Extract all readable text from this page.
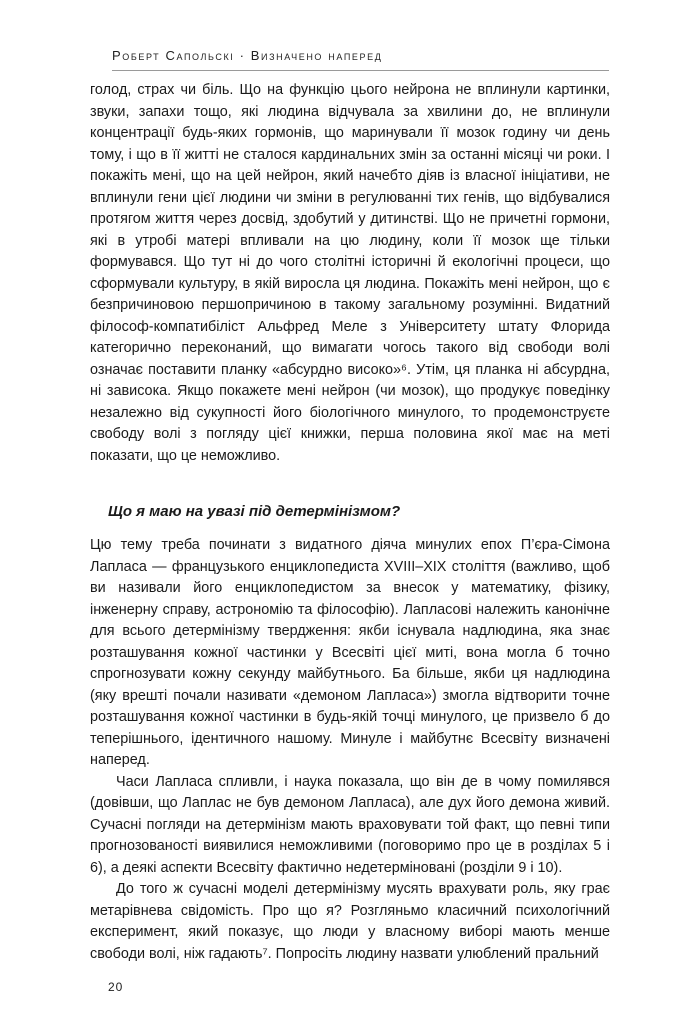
Роберт Сапольскі · Визначено наперед

голод, страх чи біль. Що на функцію цього нейрона не вплинули картинки, звуки, запахи тощо, які людина відчувала за хвилини до, не вплинули концентрації будь-яких гормонів, що маринували її мозок годину чи день тому, і що в її житті не сталося кардинальних змін за останні місяці чи роки. І покажіть мені, що на цей нейрон, який начебто діяв із власної ініціативи, не вплинули гени цієї людини чи зміни в регулюванні тих генів, що відбувалися протягом життя через досвід, здобутий у дитинстві. Що не причетні гормони, які в утробі матері впливали на цю людину, коли її мозок ще тільки формувався. Що тут ні до чого столітні історичні й екологічні процеси, що сформували культуру, в якій виросла ця людина. Покажіть мені нейрон, що є безпричиновою першопричиною в такому загальному розумінні. Видатний філософ-компатибіліст Альфред Меле з Університету штату Флорида категорично переконаний, що вимагати чогось такого від свободи волі означає поставити планку «абсурдно високо»⁶. Утім, ця планка ні абсурдна, ні зависока. Якщо покажете мені нейрон (чи мозок), що продукує поведінку незалежно від сукупності його біологічного минулого, то продемонструєте свободу волі з погляду цієї книжки, перша половина якої має на меті показати, що це неможливо.

Що я маю на увазі під детермінізмом?

Цю тему треба починати з видатного діяча минулих епох П’єра-Сімона Лапласа — французького енциклопедиста XVIII–XIX століття (важливо, щоб ви називали його енциклопедистом за внесок у математику, фізику, інженерну справу, астрономію та філософію). Лапласові належить канонічне для всього детермінізму твердження: якби існувала надлюдина, яка знає розташування кожної частинки у Всесвіті цієї миті, вона могла б точно спрогнозувати кожну секунду майбутнього. Ба більше, якби ця надлюдина (яку врешті почали називати «демоном Лапласа») змогла відтворити точне розташування кожної частинки в будь-якій точці минулого, це призвело б до теперішнього, ідентичного нашому. Минуле і майбутнє Всесвіту визначені наперед.

Часи Лапласа спливли, і наука показала, що він де в чому помилявся (довівши, що Лаплас не був демоном Лапласа), але дух його демона живий. Сучасні погляди на детермінізм мають враховувати той факт, що певні типи прогнозованості виявилися неможливими (поговоримо про це в розділах 5 і 6), а деякі аспекти Всесвіту фактично недетерміновані (розділи 9 і 10).

До того ж сучасні моделі детермінізму мусять врахувати роль, яку грає метарівнева свідомість. Про що я? Розгляньмо класичний психологічний експеримент, який показує, що люди у власному виборі мають менше свободи волі, ніж гадають⁷. Попросіть людину назвати улюблений пральний

20
